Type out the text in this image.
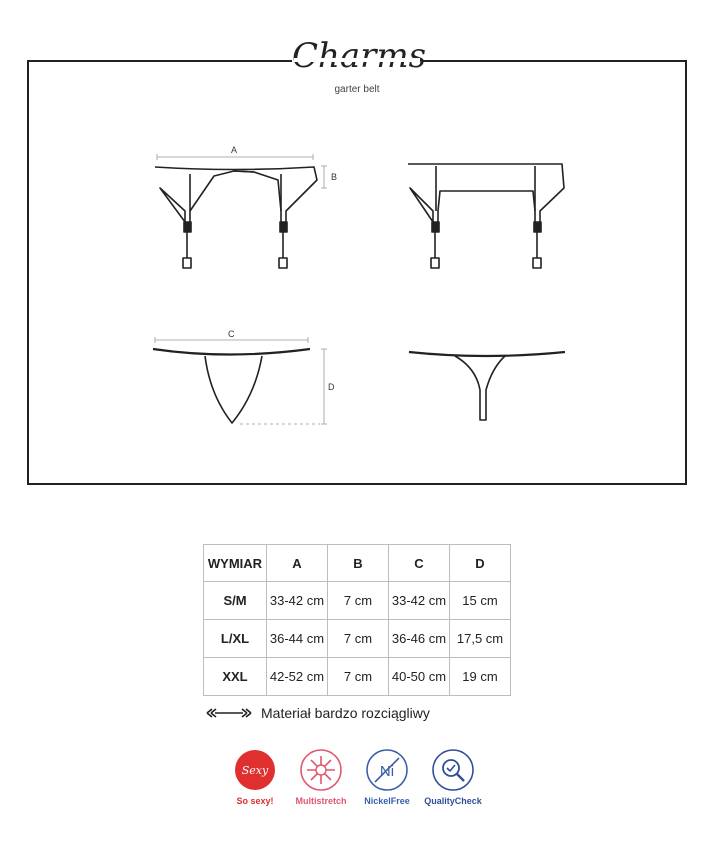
Charms
garter belt
A
B
C
D
WYMIAR	A	B	C	D
S/M	33-42 cm	7 cm	33-42 cm	15 cm
L/XL	36-44 cm	7 cm	36-46 cm	17,5 cm
XXL	42-52 cm	7 cm	40-50 cm	19 cm
Materiał bardzo rozciągliwy
Sexy
So sexy! Multistretch
Ni
NickelFree QualityCheck
